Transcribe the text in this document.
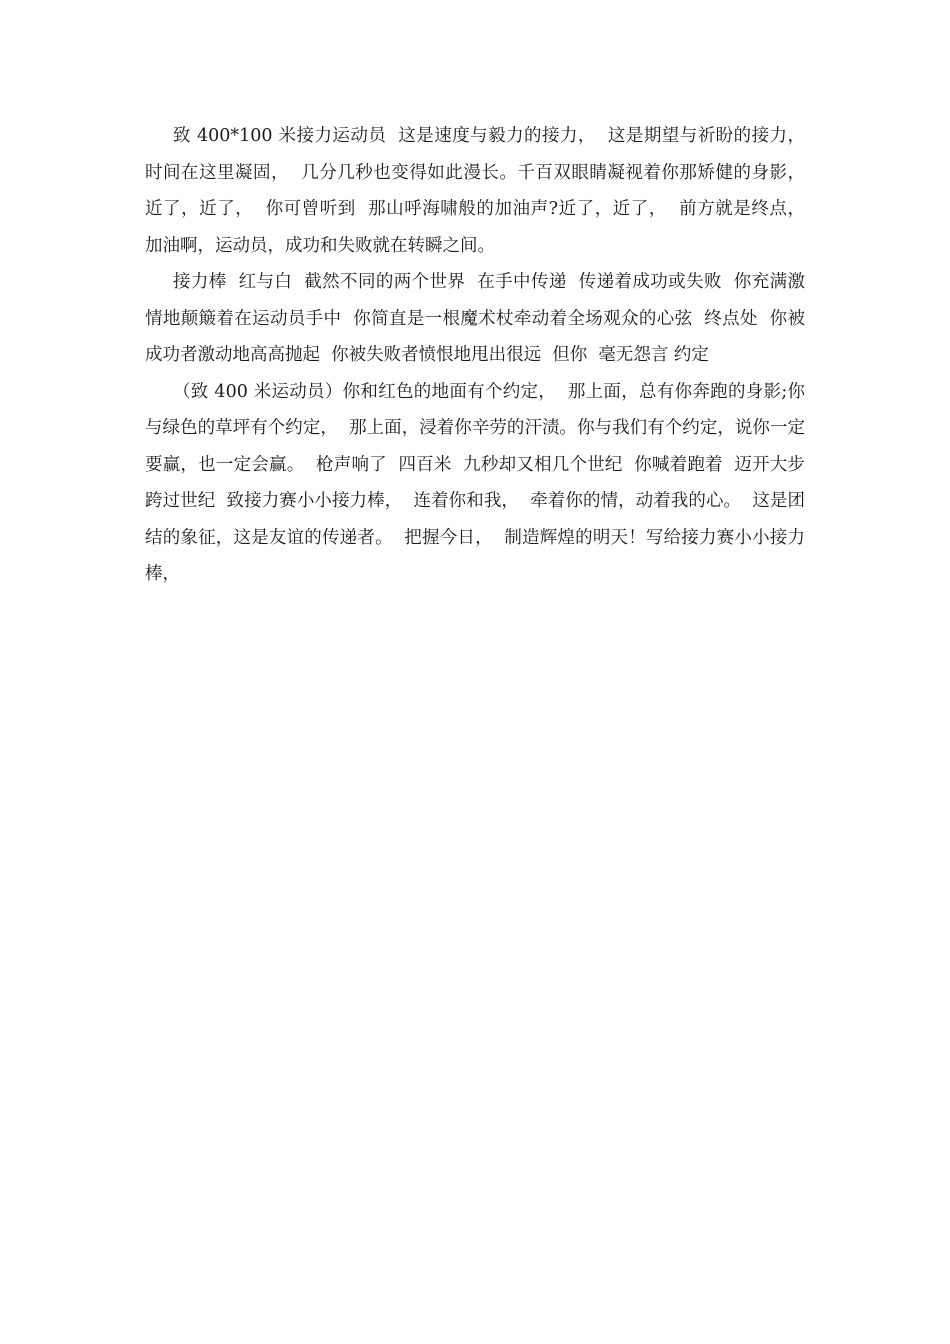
致 400*100 米接力运动员  这是速度与毅力的接力，  这是期望与祈盼的接力，时间在这里凝固，  几分几秒也变得如此漫长。千百双眼睛凝视着你那矫健的身影，  近了，近了，  你可曾听到  那山呼海啸般的加油声?近了，近了，  前方就是终点，  加油啊，运动员，成功和失败就在转瞬之间。

接力棒  红与白  截然不同的两个世界  在手中传递  传递着成功或失败  你充满激情地颠簸着在运动员手中  你简直是一根魔术杖牵动着全场观众的心弦  终点处  你被成功者激动地高高抛起  你被失败者愤恨地甩出很远  但你  毫无怨言 约定

（致 400 米运动员）你和红色的地面有个约定，  那上面，总有你奔跑的身影;你与绿色的草坪有个约定，  那上面，浸着你辛劳的汗渍。你与我们有个约定，说你一定要赢，也一定会赢。  枪声响了  四百米  九秒却又相几个世纪  你喊着跑着  迈开大步  跨过世纪  致接力赛小小接力棒，  连着你和我，  牵着你的情，动着我的心。  这是团结的象征，这是友谊的传递者。  把握今日，  制造辉煌的明天！写给接力赛小小接力棒，
